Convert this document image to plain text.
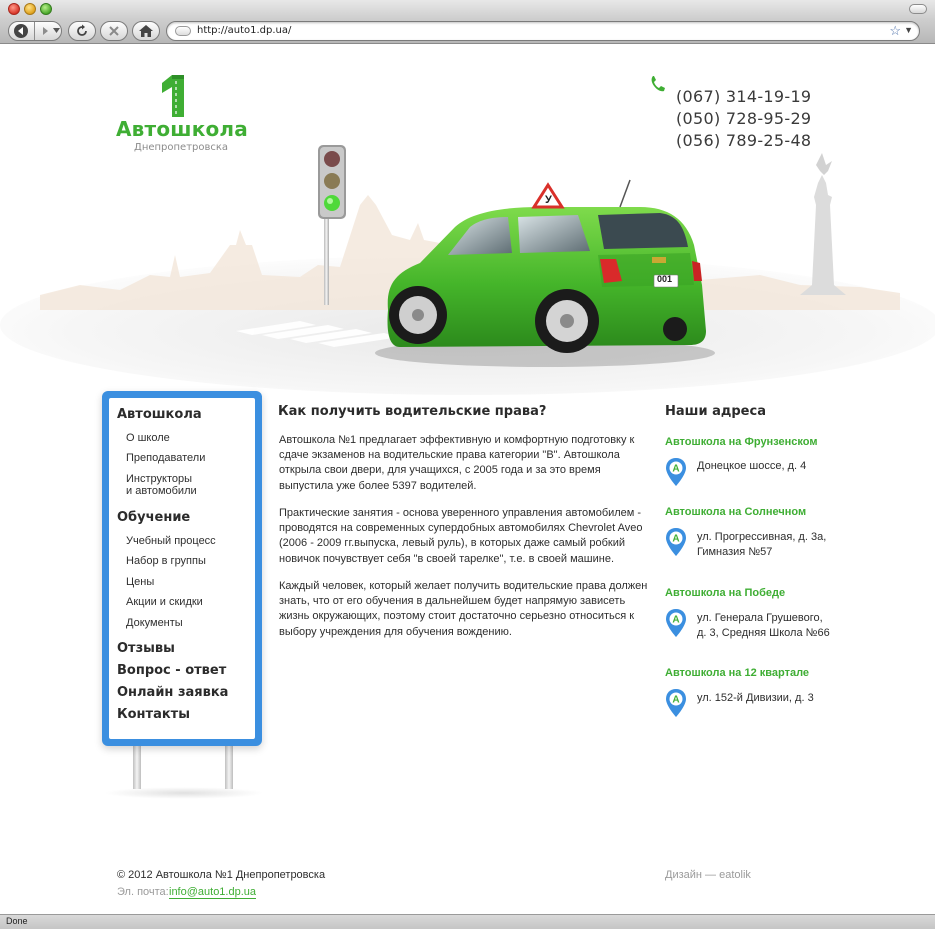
http://auto1.dp.ua/	☆ ▼
Автошкола
Днепропетровска
(067) 314-19-19
(050) 728-95-29
(056) 789-25-48
У
001
Автошкола
О школе
Преподаватели
Инструкторы
и автомобили
Обучение
Учебный процесс
Набор в группы
Цены
Акции и скидки
Документы
Отзывы
Вопрос - ответ
Онлайн заявка
Контакты
Как получить водительские права?
Автошкола №1 предлагает эффективную и комфортную подготовку к сдаче экзаменов на водительские права категории "В". Автошкола открыла свои двери, для учащихся, с 2005 года и за это время выпустила уже более 5397 водителей.
Практические занятия - основа уверенного управления автомобилем - проводятся на современных супердобных автомобилях Chevrolet Aveo (2006 - 2009 гг.выпуска, левый руль), в которых даже самый робкий новичок почувствует себя "в своей тарелке", т.е. в своей машине.
Каждый человек, который желает получить водительские права должен знать, что от его обучения в дальнейшем будет напрямую зависеть жизнь окружающих, поэтому стоит достаточно серьезно относиться к выбору учреждения для обучения вождению.
Наши адреса
Автошкола на Фрунзенском
A Донецкое шоссе, д. 4
Автошкола на Солнечном
A ул. Прогрессивная, д. 3а,
Гимназия №57
Автошкола на Победе
A ул. Генерала Грушевого,
д. 3, Средняя Школа №66
Автошкола на 12 квартале
A ул. 152-й Дивизии, д. 3
© 2012 Автошкола №1 Днепропетровска
Эл. почта: info@auto1.dp.ua
Дизайн — eatolik
Done
